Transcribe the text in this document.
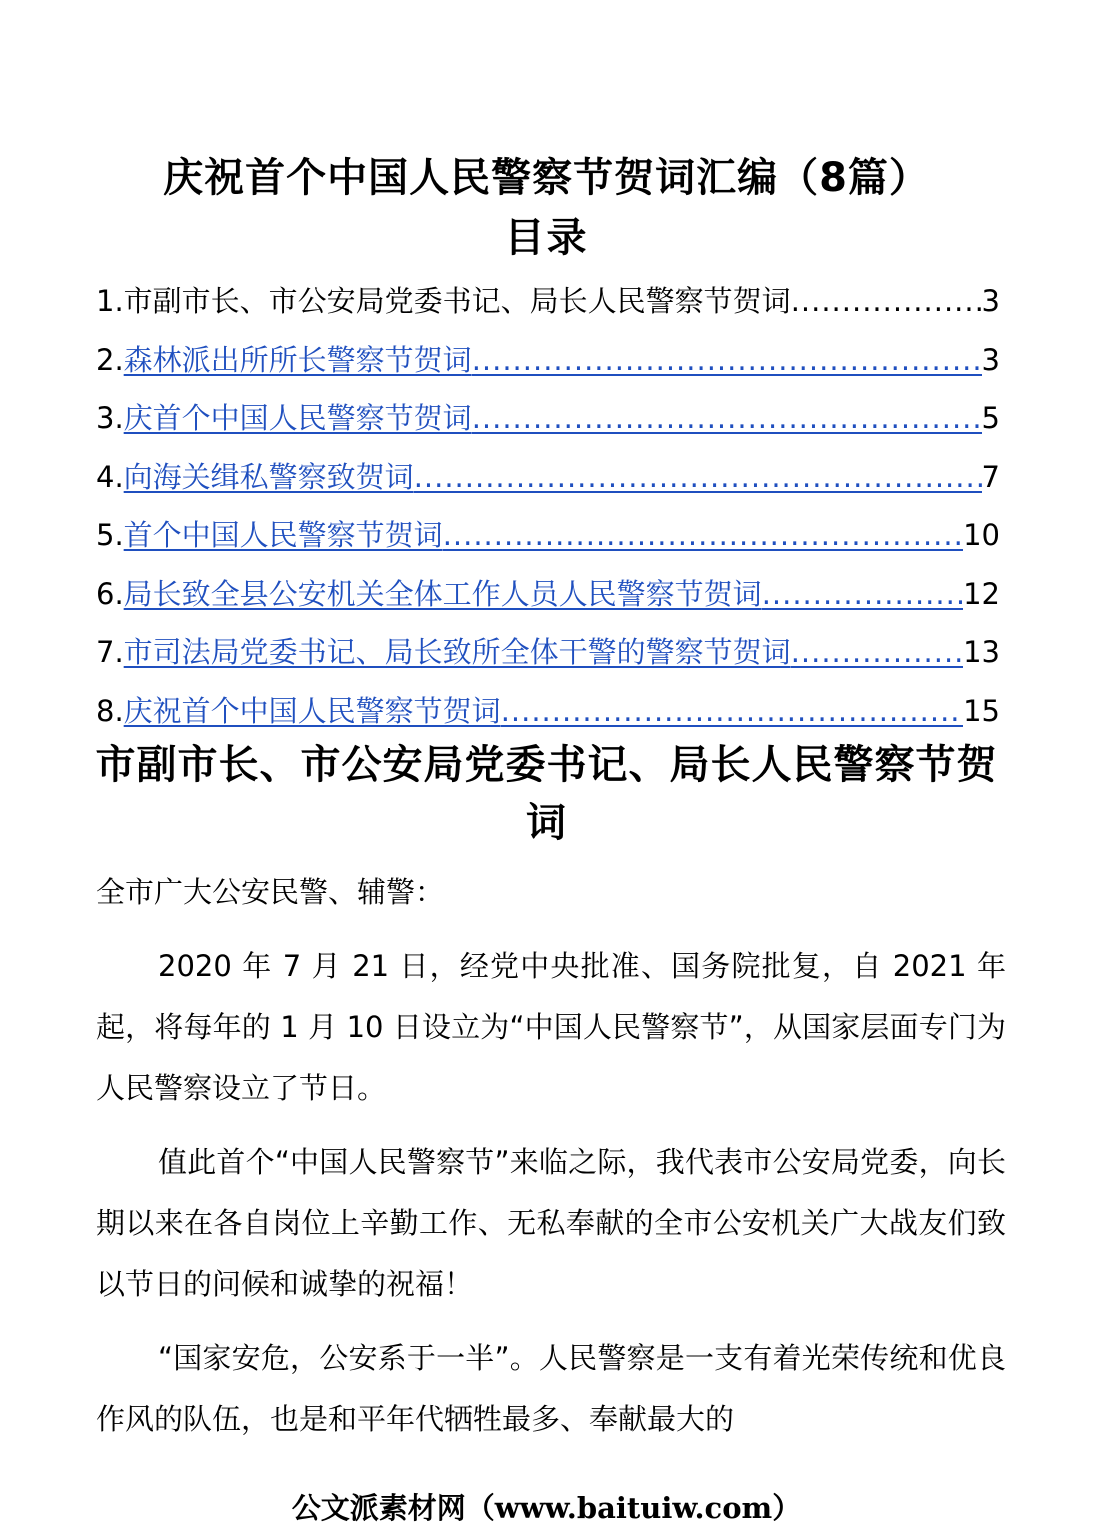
庆祝首个中国人民警察节贺词汇编（8篇）
目录
1. 市副市长、市公安局党委书记、局长人民警察节贺词 .....	3
2. 森林派出所所长警察节贺词 .....	3
3. 庆首个中国人民警察节贺词 .....	5
4. 向海关缉私警察致贺词 .....	7
5. 首个中国人民警察节贺词 .....	10
6. 局长致全县公安机关全体工作人员人民警察节贺词 .....	12
7. 市司法局党委书记、局长致所全体干警的警察节贺词 .....	13
8. 庆祝首个中国人民警察节贺词 .....	15
市副市长、市公安局党委书记、局长人民警察节贺词
全市广大公安民警、辅警：
2020 年 7 月 21 日，经党中央批准、国务院批复，自 2021 年起，将每年的 1 月 10 日设立为“中国人民警察节”，从国家层面专门为人民警察设立了节日。
值此首个“中国人民警察节”来临之际，我代表市公安局党委，向长期以来在各自岗位上辛勤工作、无私奉献的全市公安机关广大战友们致以节日的问候和诚挚的祝福！
“国家安危，公安系于一半”。人民警察是一支有着光荣传统和优良作风的队伍，也是和平年代牺牲最多、奉献最大的
公文派素材网（www.baituiw.com）
